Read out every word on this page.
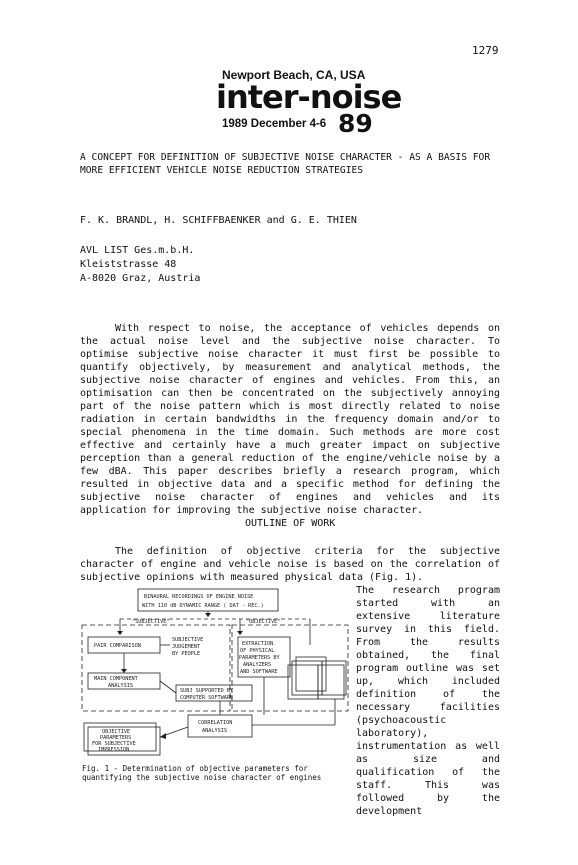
1279
Newport Beach, CA, USA
inter-noise
1989 December 4-6 89
A CONCEPT FOR DEFINITION OF SUBJECTIVE NOISE CHARACTER - AS A BASIS FOR
MORE EFFICIENT VEHICLE NOISE REDUCTION STRATEGIES
F. K. BRANDL, H. SCHIFFBAENKER and G. E. THIEN
AVL LIST Ges.m.b.H.
Kleiststrasse 48
A-8020 Graz, Austria

With respect to noise, the acceptance of vehicles depends on the actual noise level and the subjective noise character. To optimise subjective noise character it must first be possible to quantify objectively, by measurement and analytical methods, the subjective noise character of engines and vehicles. From this, an optimisation can then be concentrated on the subjectively annoying part of the noise pattern which is most directly related to noise radiation in certain bandwidths in the frequency domain and/or to special phenomena in the time domain. Such methods are more cost effective and certainly have a much greater impact on subjective perception than a general reduction of the engine/vehicle noise by a few dBA. This paper describes briefly a research program, which resulted in objective data and a specific method for defining the subjective noise character of engines and vehicles and its application for improving the subjective noise character.

OUTLINE OF WORK

The definition of objective criteria for the subjective character of engine and vehicle noise is based on the correlation of subjective opinions with measured physical data (Fig. 1).

The research program started with an extensive literature survey in this field. From the results obtained, the final program outline was set up, which included definition of the necessary facilities (psychoacoustic laboratory), instrumentation as well as size and qualification of the staff. This was followed by the development

BINAURAL RECORDINGS OF ENGINE NOISE
WITH 110 dB DYNAMIC RANGE ( DAT - REC.)
"SUBJECTIVE"	"OBJECTIVE"
PAIR COMPARISON
SUBJECTIVE
JUDGEMENT
BY PEOPLE
EXTRACTION
OF PHYSICAL
PARAMETERS BY
ANALYZERS
AND SOFTWARE
MAIN COMPONENT
ANALYSIS
SUBJ SUPPORTED BY
COMPUTER SOFTWARE
CORRELATION
ANALYSIS
OBJECTIVE
PARAMETERS
FOR SUBJECTIVE
IMPRESSION
Fig. 1 - Determination of objective parameters for quantifying the subjective noise character of engines
